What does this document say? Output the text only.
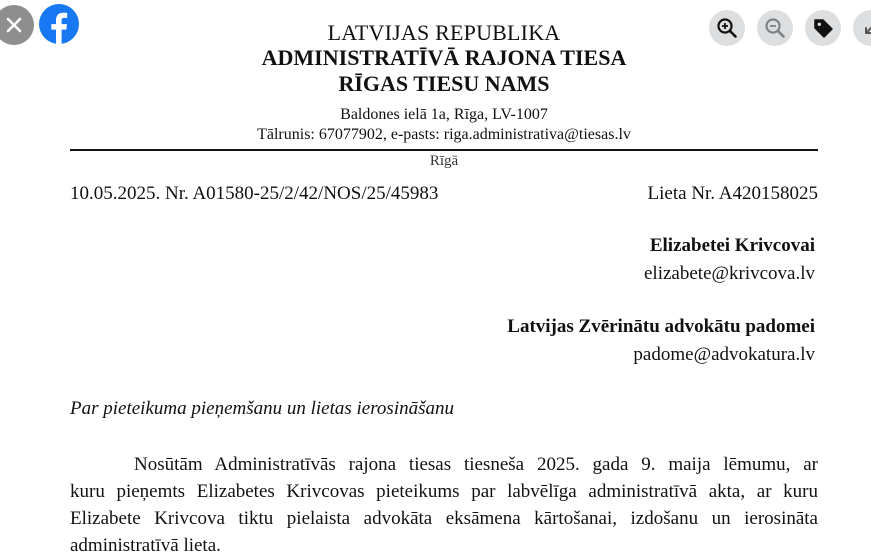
LATVIJAS REPUBLIKA
ADMINISTRATĪVĀ RAJONA TIESA
RĪGAS TIESU NAMS
Baldones ielā 1a, Rīga, LV-1007
Tālrunis: 67077902, e-pasts: riga.administrativa@tiesas.lv
Rīgā
10.05.2025. Nr. A01580-25/2/42/NOS/25/45983	Lieta Nr. A420158025
Elizabetei Krivcovai
elizabete@krivcova.lv
Latvijas Zvērinātu advokātu padomei
padome@advokatura.lv
Par pieteikuma pieņemšanu un lietas ierosināšanu
Nosūtām Administratīvās rajona tiesas tiesneša 2025. gada 9. maija lēmumu, ar
kuru pieņemts Elizabetes Krivcovas pieteikums par labvēlīga administratīvā akta, ar kuru
Elizabete Krivcova tiktu pielaista advokāta eksāmena kārtošanai, izdošanu un ierosināta
administratīvā lieta.
